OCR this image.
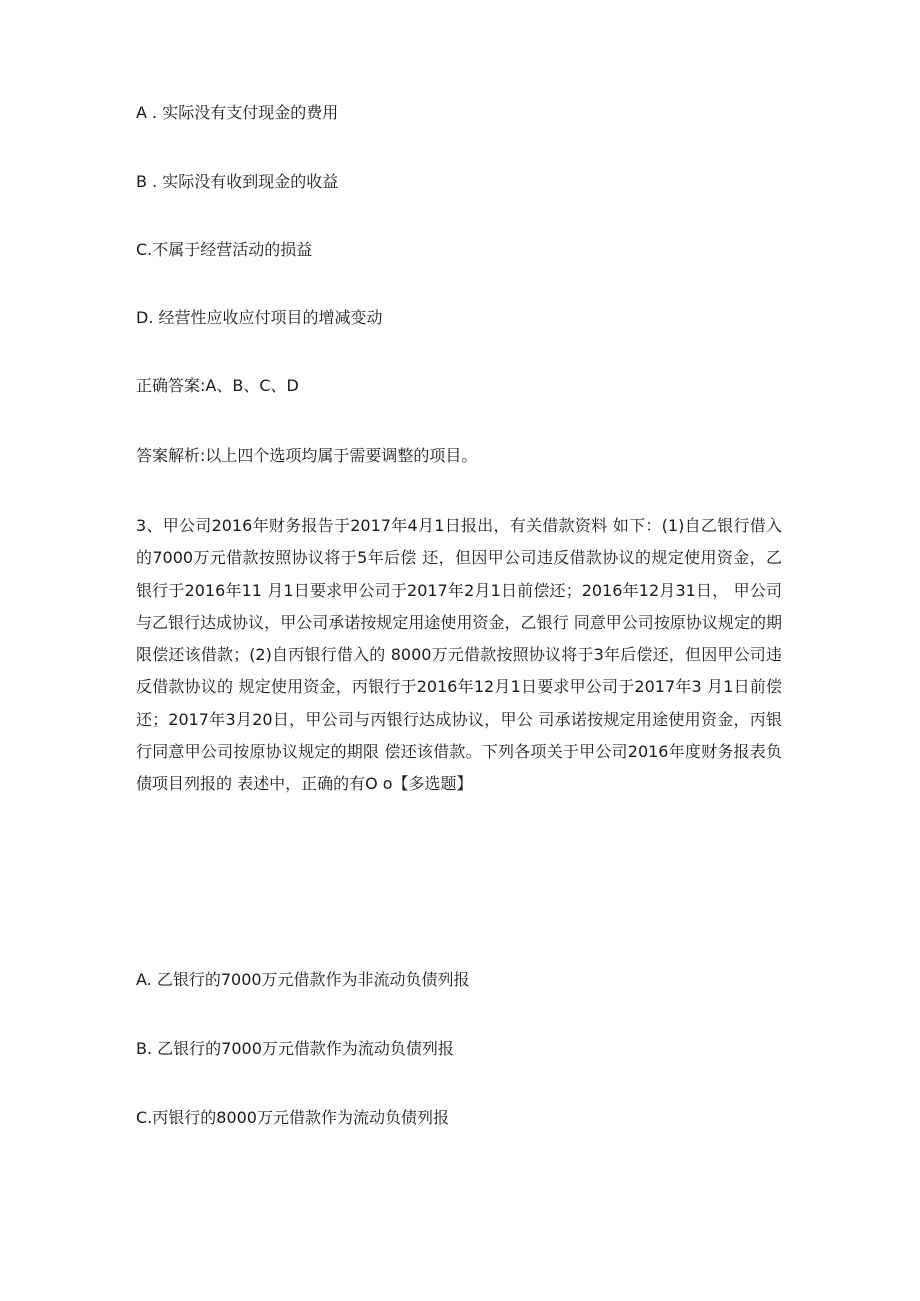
A . 实际没有支付现金的费用
B . 实际没有收到现金的收益
C.不属于经营活动的损益
D. 经营性应收应付项目的增减变动
正确答案:A、B、C、D
答案解析:以上四个选项均属于需要调整的项目。
3、甲公司2016年财务报告于2017年4月1日报出，有关借款资料 如下：(1)自乙银行借入的7000万元借款按照协议将于5年后偿 还，但因甲公司违反借款协议的规定使用资金，乙银行于2016年11 月1日要求甲公司于2017年2月1日前偿还；2016年12月31日， 甲公司与乙银行达成协议，甲公司承诺按规定用途使用资金，乙银行 同意甲公司按原协议规定的期限偿还该借款；(2)自丙银行借入的 8000万元借款按照协议将于3年后偿还，但因甲公司违反借款协议的 规定使用资金，丙银行于2016年12月1日要求甲公司于2017年3 月1日前偿还；2017年3月20日，甲公司与丙银行达成协议，甲公 司承诺按规定用途使用资金，丙银行同意甲公司按原协议规定的期限 偿还该借款。下列各项关于甲公司2016年度财务报表负债项目列报的 表述中，正确的有O o【多选题】
A. 乙银行的7000万元借款作为非流动负债列报
B. 乙银行的7000万元借款作为流动负债列报
C.丙银行的8000万元借款作为流动负债列报
